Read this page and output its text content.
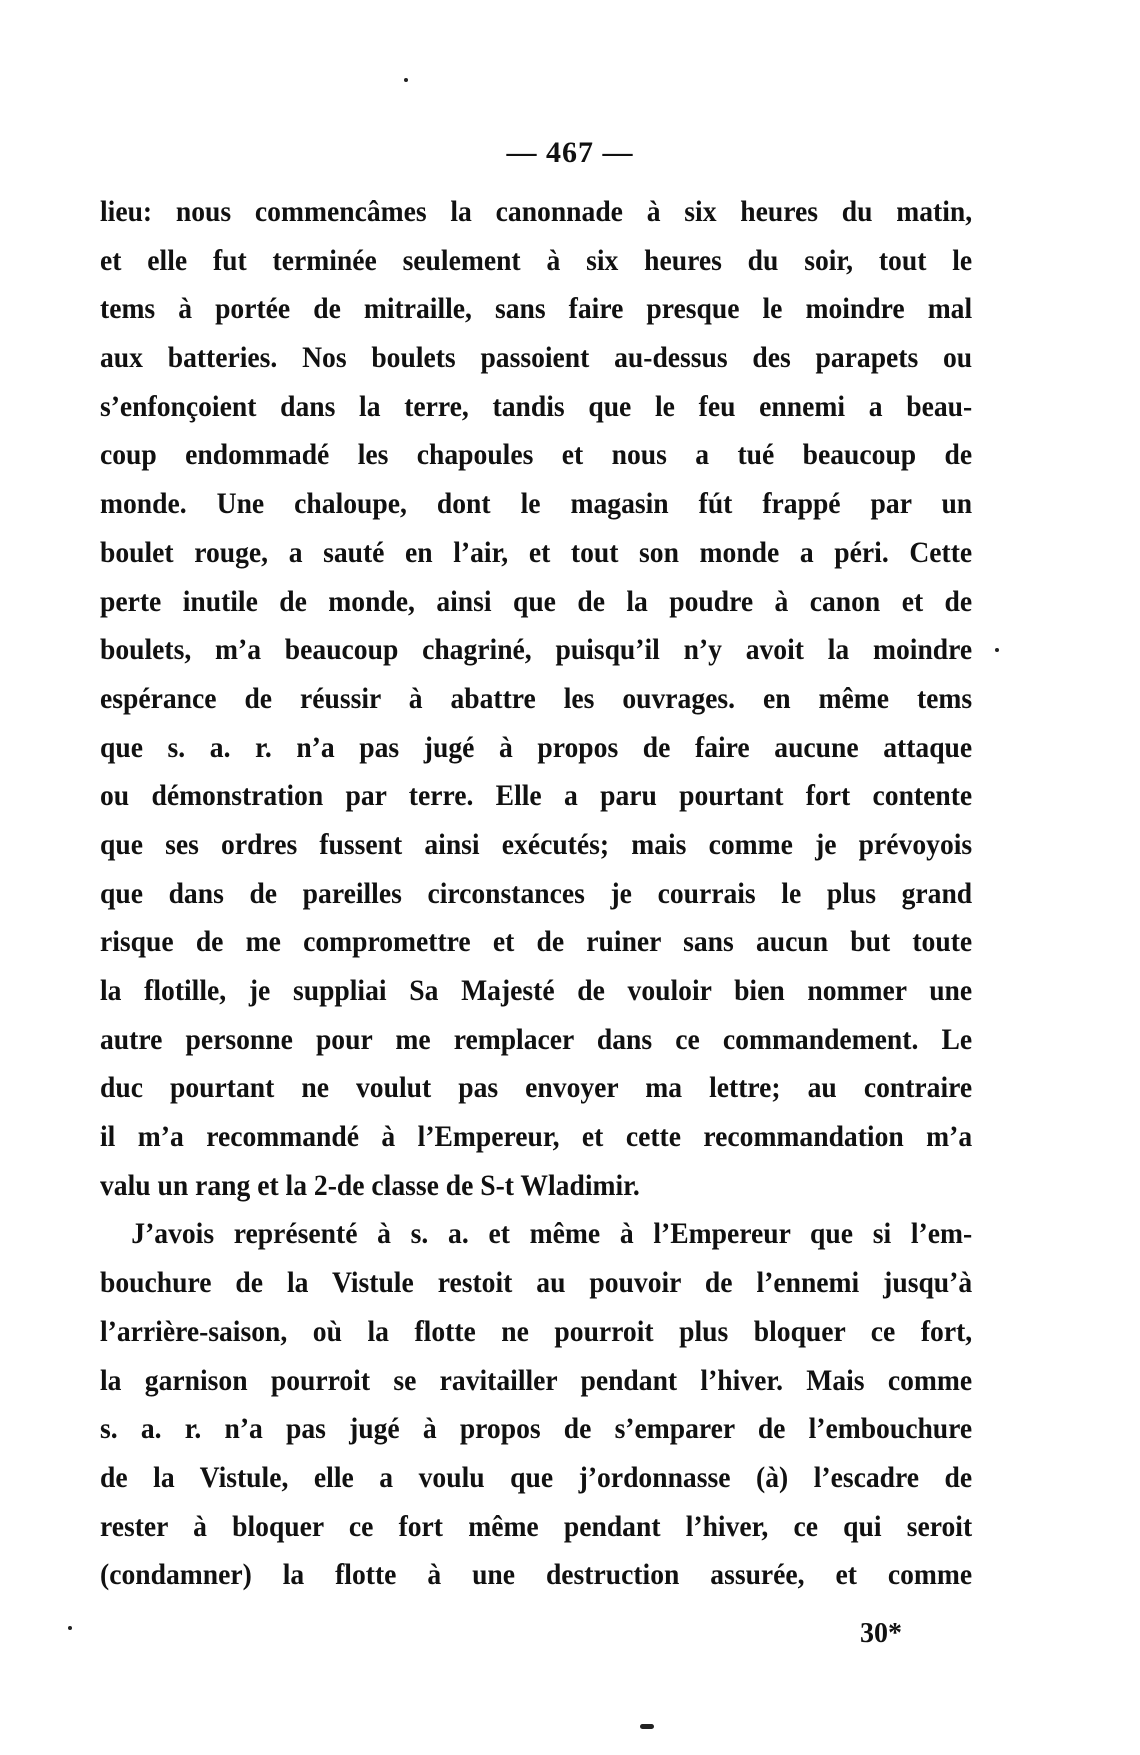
— 467 —
lieu: nous commencâmes la canonnade à six heures du matin,
et elle fut terminée seulement à six heures du soir, tout le
tems à portée de mitraille, sans faire presque le moindre mal
aux batteries. Nos boulets passoient au-dessus des parapets ou
s’enfonçoient dans la terre, tandis que le feu ennemi a beau-
coup endommadé les chapoules et nous a tué beaucoup de
monde. Une chaloupe, dont le magasin fút frappé par un
boulet rouge, a sauté en l’air, et tout son monde a péri. Cette
perte inutile de monde, ainsi que de la poudre à canon et de
boulets, m’a beaucoup chagriné, puisqu’il n’y avoit la moindre
espérance de réussir à abattre les ouvrages. en même tems
que s. a. r. n’a pas jugé à propos de faire aucune attaque
ou démonstration par terre. Elle a paru pourtant fort contente
que ses ordres fussent ainsi exécutés; mais comme je prévoyois
que dans de pareilles circonstances je courrais le plus grand
risque de me compromettre et de ruiner sans aucun but toute
la flotille, je suppliai Sa Majesté de vouloir bien nommer une
autre personne pour me remplacer dans ce commandement. Le
duc pourtant ne voulut pas envoyer ma lettre; au contraire
il m’a recommandé à l’Empereur, et cette recommandation m’a
valu un rang et la 2-de classe de S-t Wladimir.
J’avois représenté à s. a. et même à l’Empereur que si l’em-
bouchure de la Vistule restoit au pouvoir de l’ennemi jusqu’à
l’arrière-saison, où la flotte ne pourroit plus bloquer ce fort,
la garnison pourroit se ravitailler pendant l’hiver. Mais comme
s. a. r. n’a pas jugé à propos de s’emparer de l’embouchure
de la Vistule, elle a voulu que j’ordonnasse (à) l’escadre de
rester à bloquer ce fort même pendant l’hiver, ce qui seroit
(condamner) la flotte à une destruction assurée, et comme
30*
